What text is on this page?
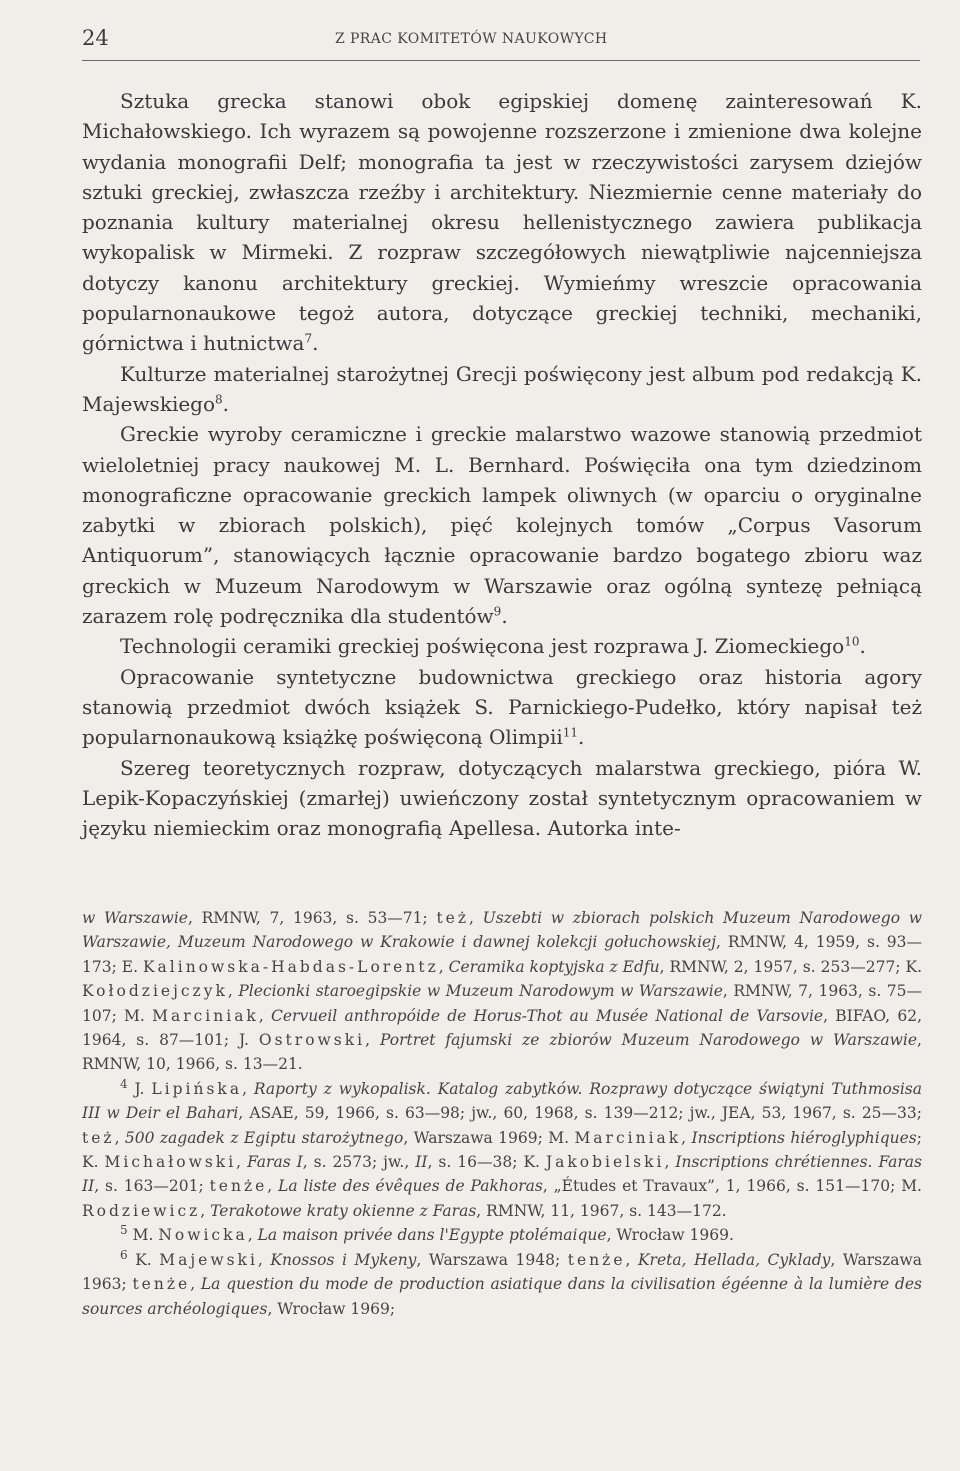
24	Z PRAC KOMITETÓW NAUKOWYCH

Sztuka grecka stanowi obok egipskiej domenę zainteresowań K. Michałowskiego. Ich wyrazem są powojenne rozszerzone i zmienione dwa kolejne wydania monografii Delf; monografia ta jest w rzeczywistości zarysem dziejów sztuki greckiej, zwłaszcza rzeźby i architektury. Niezmiernie cenne materiały do poznania kultury materialnej okresu hellenistycznego zawiera publikacja wykopalisk w Mirmeki. Z rozpraw szczegółowych niewątpliwie najcenniejsza dotyczy kanonu architektury greckiej. Wymieńmy wreszcie opracowania popularnonaukowe tegoż autora, dotyczące greckiej techniki, mechaniki, górnictwa i hutnictwa$^7$.

Kulturze materialnej starożytnej Grecji poświęcony jest album pod redakcją K. Majewskiego$^8$.

Greckie wyroby ceramiczne i greckie malarstwo wazowe stanowią przedmiot wieloletniej pracy naukowej M. L. Bernhard. Poświęciła ona tym dziedzinom monograficzne opracowanie greckich lampek oliwnych (w oparciu o oryginalne zabytki w zbiorach polskich), pięć kolejnych tomów „Corpus Vasorum Antiquorum”, stanowiących łącznie opracowanie bardzo bogatego zbioru waz greckich w Muzeum Narodowym w Warszawie oraz ogólną syntezę pełniącą zarazem rolę podręcznika dla studentów$^9$.

Technologii ceramiki greckiej poświęcona jest rozprawa J. Ziomeckiego$^{10}$.

Opracowanie syntetyczne budownictwa greckiego oraz historia agory stanowią przedmiot dwóch książek S. Parnickiego-Pudełko, który napisał też popularnonaukową książkę poświęconą Olimpii$^{11}$.

Szereg teoretycznych rozpraw, dotyczących malarstwa greckiego, pióra W. Lepik-Kopaczyńskiej (zmarłej) uwieńczony został syntetycznym opracowaniem w języku niemieckim oraz monografią Apellesa. Autorka inte-

w Warszawie, RMNW, 7, 1963, s. 53—71; też, Uszebti w zbiorach polskich Muzeum Narodowego w Warszawie, Muzeum Narodowego w Krakowie i dawnej kolekcji gołuchowskiej, RMNW, 4, 1959, s. 93—173; E. Kalinowska-Habdas-Lorentz, Ceramika koptyjska z Edfu, RMNW, 2, 1957, s. 253—277; K. Kołodziejczyk, Plecionki staroegipskie w Muzeum Narodowym w Warszawie, RMNW, 7, 1963, s. 75—107; M. Marciniak, Cervueil anthropóide de Horus-Thot au Musée National de Varsovie, BIFAO, 62, 1964, s. 87—101; J. Ostrowski, Portret fajumski ze zbiorów Muzeum Narodowego w Warszawie, RMNW, 10, 1966, s. 13—21.

$^4$ J. Lipińska, Raporty z wykopalisk. Katalog zabytków. Rozprawy dotyczące świątyni Tuthmosisa III w Deir el Bahari, ASAE, 59, 1966, s. 63—98; jw., 60, 1968, s. 139—212; jw., JEA, 53, 1967, s. 25—33; też, 500 zagadek z Egiptu starożytnego, Warszawa 1969; M. Marciniak, Inscriptions hiéroglyphiques; K. Michałowski, Faras I, s. 2573; jw., II, s. 16—38; K. Jakobielski, Inscriptions chrétiennes. Faras II, s. 163—201; tenże, La liste des évêques de Pakhoras, „Études et Travaux”, 1, 1966, s. 151—170; M. Rodziewicz, Terakotowe kraty okienne z Faras, RMNW, 11, 1967, s. 143—172.

$^5$ M. Nowicka, La maison privée dans l'Egypte ptolémaique, Wrocław 1969.

$^6$ K. Majewski, Knossos i Mykeny, Warszawa 1948; tenże, Kreta, Hellada, Cyklady, Warszawa 1963; tenże, La question du mode de production asiatique dans la civilisation égéenne à la lumière des sources archéologiques, Wrocław 1969;
